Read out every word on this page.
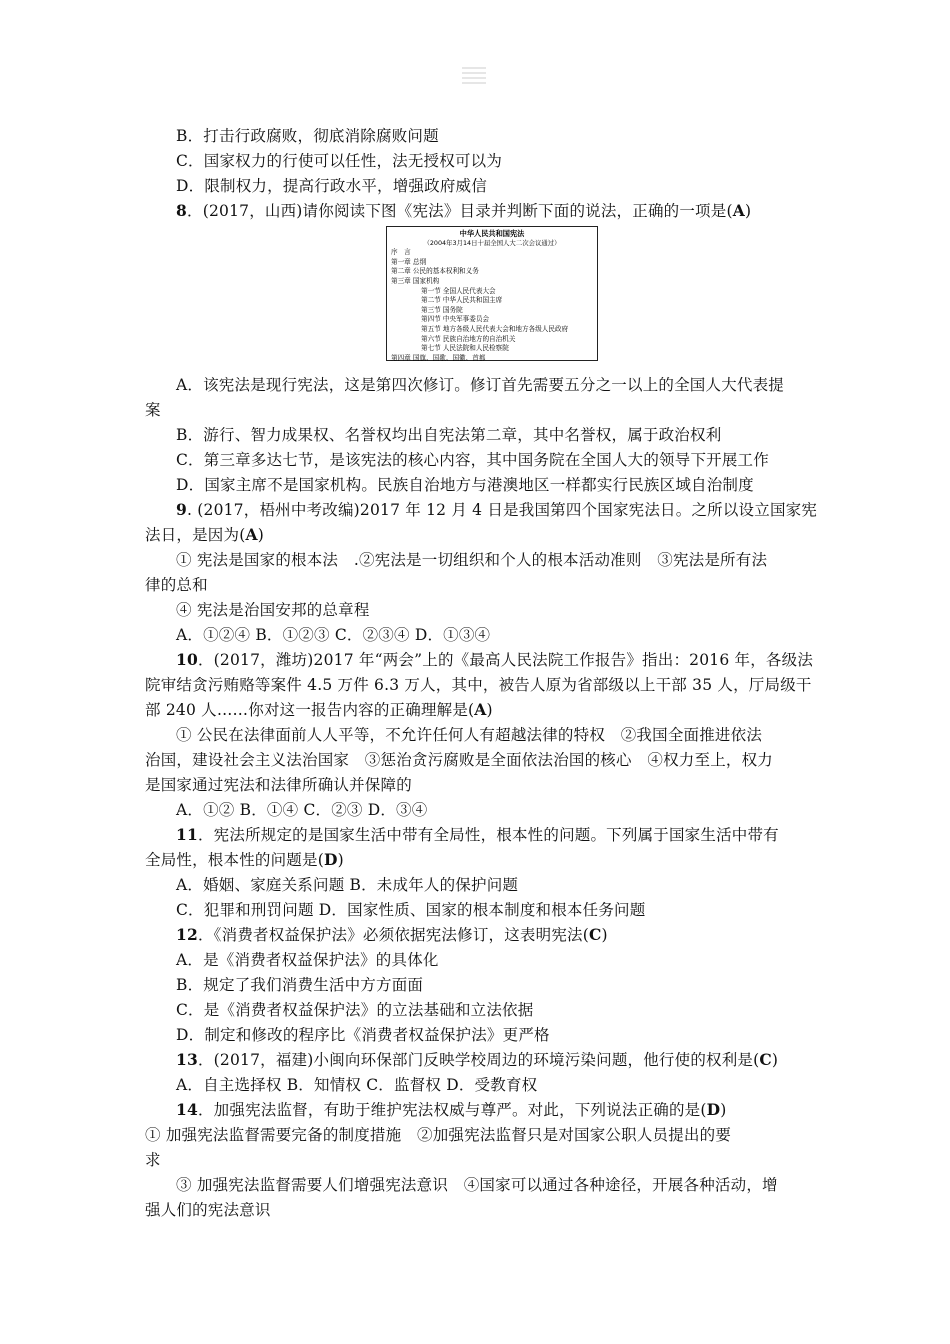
B．打击行政腐败，彻底消除腐败问题
C．国家权力的行使可以任性，法无授权可以为
D．限制权力，提高行政水平，增强政府威信
8．(2017，山西)请你阅读下图《宪法》目录并判断下面的说法，正确的一项是(A)
中华人民共和国宪法
（2004年3月14日十届全国人大二次会议通过）
序　言
第一章 总纲
第二章 公民的基本权利和义务
第三章 国家机构
第一节 全国人民代表大会
第二节 中华人民共和国主席
第三节 国务院
第四节 中央军事委员会
第五节 地方各级人民代表大会和地方各级人民政府
第六节 民族自治地方的自治机关
第七节 人民法院和人民检察院
第四章 国旗、国歌、国徽、首都
A．该宪法是现行宪法，这是第四次修订。修订首先需要五分之一以上的全国人大代表提
案
B．游行、智力成果权、名誉权均出自宪法第二章，其中名誉权，属于政治权利
C．第三章多达七节，是该宪法的核心内容，其中国务院在全国人大的领导下开展工作
D．国家主席不是国家机构。民族自治地方与港澳地区一样都实行民族区域自治制度
9. (2017，梧州中考改编)2017 年 12 月 4 日是我国第四个国家宪法日。之所以设立国家宪
法日，是因为(A)
① 宪法是国家的根本法　.②宪法是一切组织和个人的根本活动准则　③宪法是所有法
律的总和
④ 宪法是治国安邦的总章程
A．①②④ B．①②③ C．②③④ D．①③④
10．(2017，潍坊)2017 年“两会”上的《最高人民法院工作报告》指出：2016 年，各级法
院审结贪污贿赂等案件 4.5 万件 6.3 万人，其中，被告人原为省部级以上干部 35 人，厅局级干
部 240 人……你对这一报告内容的正确理解是(A)
① 公民在法律面前人人平等，不允许任何人有超越法律的特权　②我国全面推进依法
治国，建设社会主义法治国家　③惩治贪污腐败是全面依法治国的核心　④权力至上，权力
是国家通过宪法和法律所确认并保障的
A．①② B．①④ C．②③ D．③④
11．宪法所规定的是国家生活中带有全局性，根本性的问题。下列属于国家生活中带有
全局性，根本性的问题是(D)
A．婚姻、家庭关系问题 B．未成年人的保护问题
C．犯罪和刑罚问题 D．国家性质、国家的根本制度和根本任务问题
12．《消费者权益保护法》必须依据宪法修订，这表明宪法(C)
A．是《消费者权益保护法》的具体化
B．规定了我们消费生活中方方面面
C．是《消费者权益保护法》的立法基础和立法依据
D．制定和修改的程序比《消费者权益保护法》更严格
13．(2017，福建)小闽向环保部门反映学校周边的环境污染问题，他行使的权利是(C)
A．自主选择权 B．知情权 C．监督权 D．受教育权
14．加强宪法监督，有助于维护宪法权威与尊严。对此，下列说法正确的是(D)
① 加强宪法监督需要完备的制度措施　②加强宪法监督只是对国家公职人员提出的要
求
③ 加强宪法监督需要人们增强宪法意识　④国家可以通过各种途径，开展各种活动，增
强人们的宪法意识
